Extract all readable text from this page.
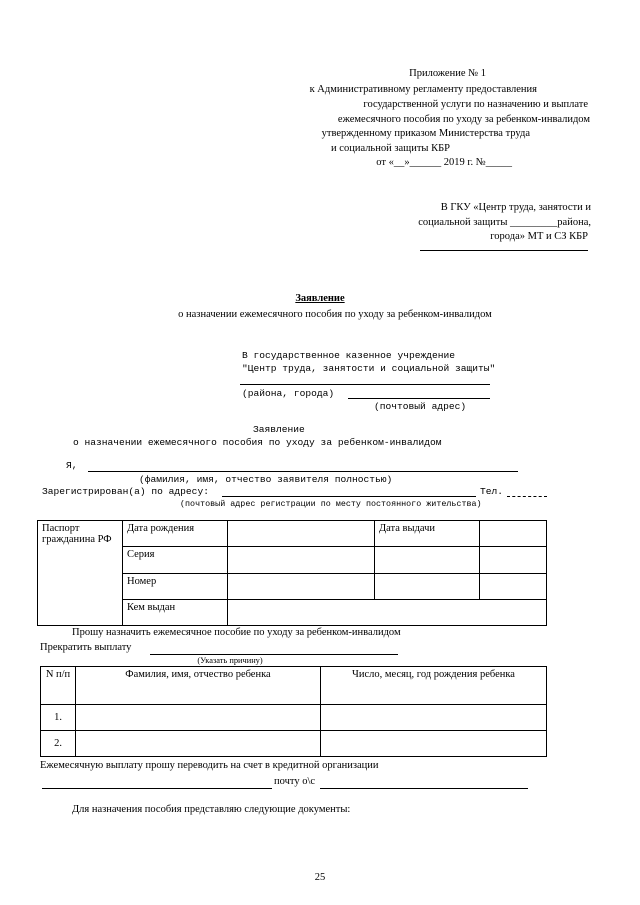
Приложение № 1
к Административному регламенту предоставления
государственной услуги по назначению и выплате
ежемесячного пособия по уходу за ребенком-инвалидом
утвержденному приказом Министерства труда
и социальной защиты КБР
от «__»______ 2019 г. №_____
В ГКУ «Центр труда, занятости и
социальной защиты _________района,
города» МТ и СЗ КБР
Заявление
о назначении ежемесячного пособия по уходу за ребенком-инвалидом
В государственное казенное учреждение
"Центр труда, занятости и социальной защиты"
(района, города)
(почтовый адрес)
Заявление
о назначении ежемесячного пособия по уходу за ребенком-инвалидом
Я,
(фамилия, имя, отчество заявителя полностью)
Зарегистрирован(а) по адресу:	Тел.
(почтовый адрес регистрации по месту постоянного жительства)
Паспорт гражданина РФ	Дата рождения		Дата выдачи	
	Серия			
	Номер			
	Кем выдан			
Прошу назначить ежемесячное пособие по уходу за ребенком-инвалидом
Прекратить выплату
(Указать причину)
N п/п	Фамилия, имя, отчество ребенка	Число, месяц, год рождения ребенка
1.		
2.		
Ежемесячную выплату прошу переводить на счет в кредитной организации
почту о\с
Для назначения пособия представляю следующие документы:
25
